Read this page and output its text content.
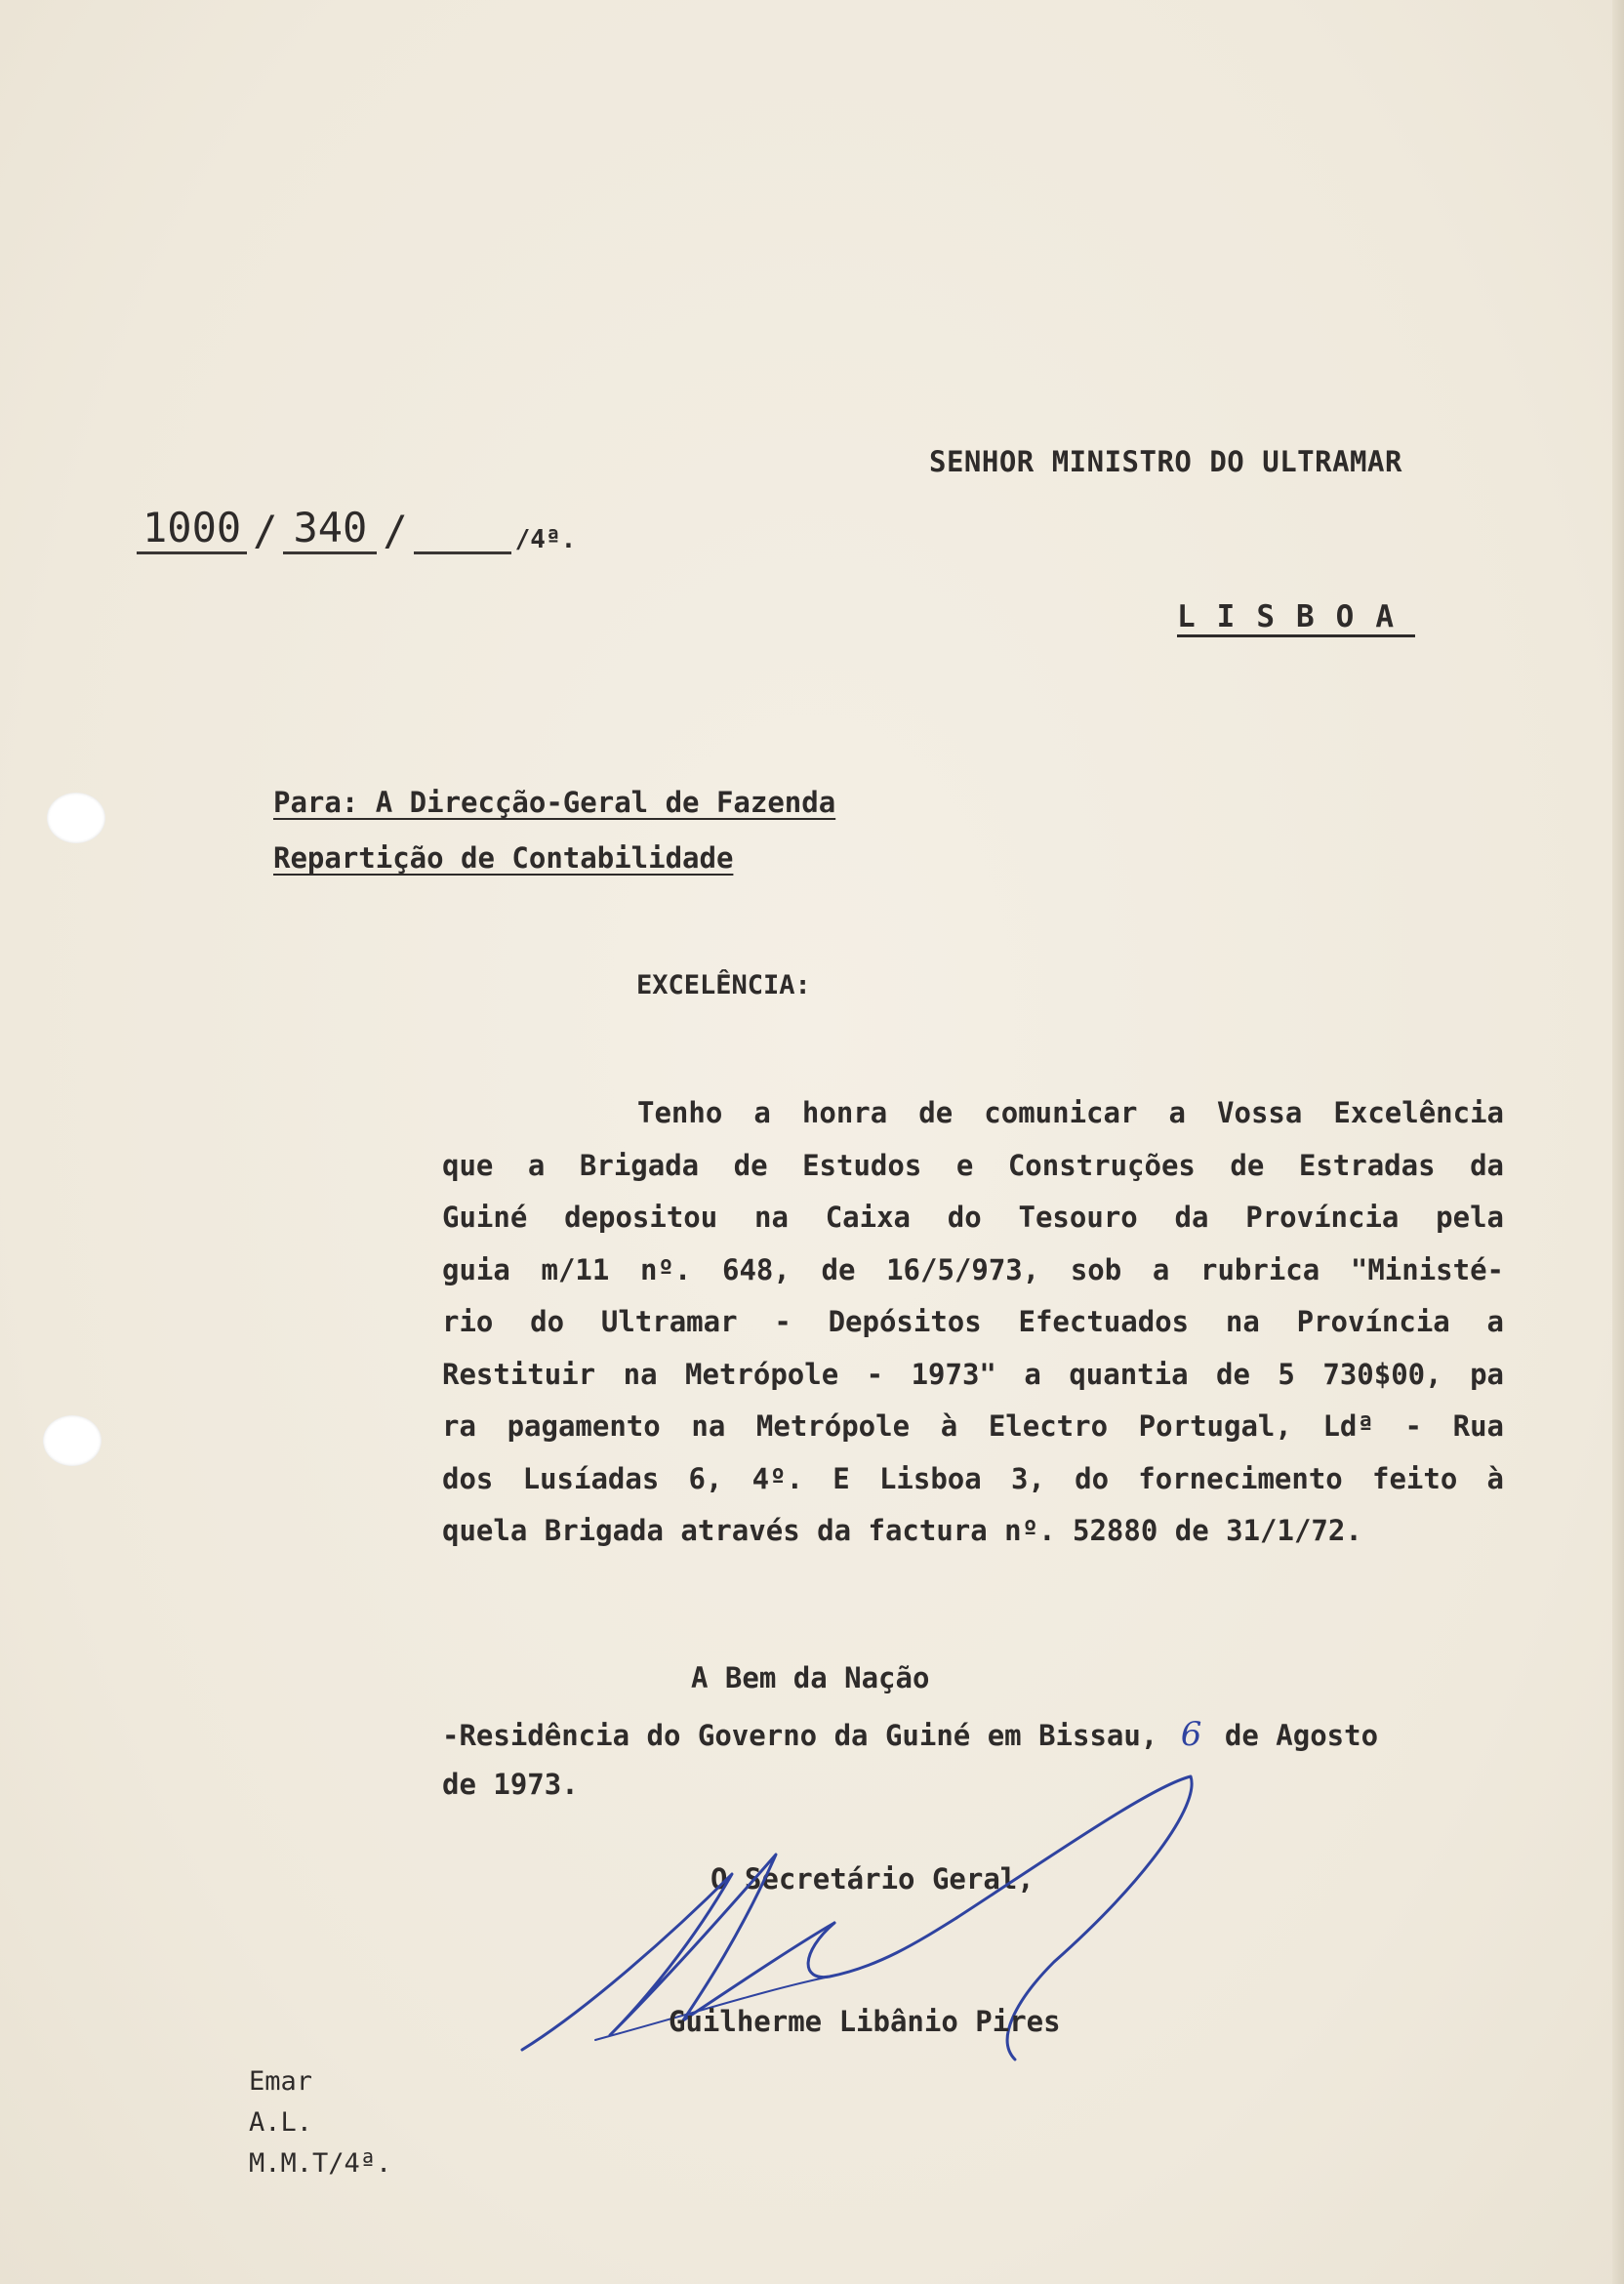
SENHOR MINISTRO DO ULTRAMAR
LISBOA
1000 / 340 /	/4ª.
Para: A Direcção-Geral de Fazenda
Repartição de Contabilidade
EXCELÊNCIA:
Tenho a honra de comunicar a Vossa Excelência
que a Brigada de Estudos e Construções de Estradas da
Guiné depositou na Caixa do Tesouro da Província pela
guia m/11 nº. 648, de 16/5/973, sob a rubrica "Ministé-
rio do Ultramar - Depósitos Efectuados na Província a
Restituir na Metrópole - 1973" a quantia de 5 730$00, pa
ra pagamento na Metrópole à Electro Portugal, Ldª - Rua
dos Lusíadas 6, 4º. E Lisboa 3, do fornecimento feito à
quela Brigada através da factura nº. 52880 de 31/1/72.
A Bem da Nação
-Residência do Governo da Guiné em Bissau, 6 de Agosto
de 1973.
O Secretário Geral,
Guilherme Libânio Pires
Emar
A.L.
M.M.T/4ª.
